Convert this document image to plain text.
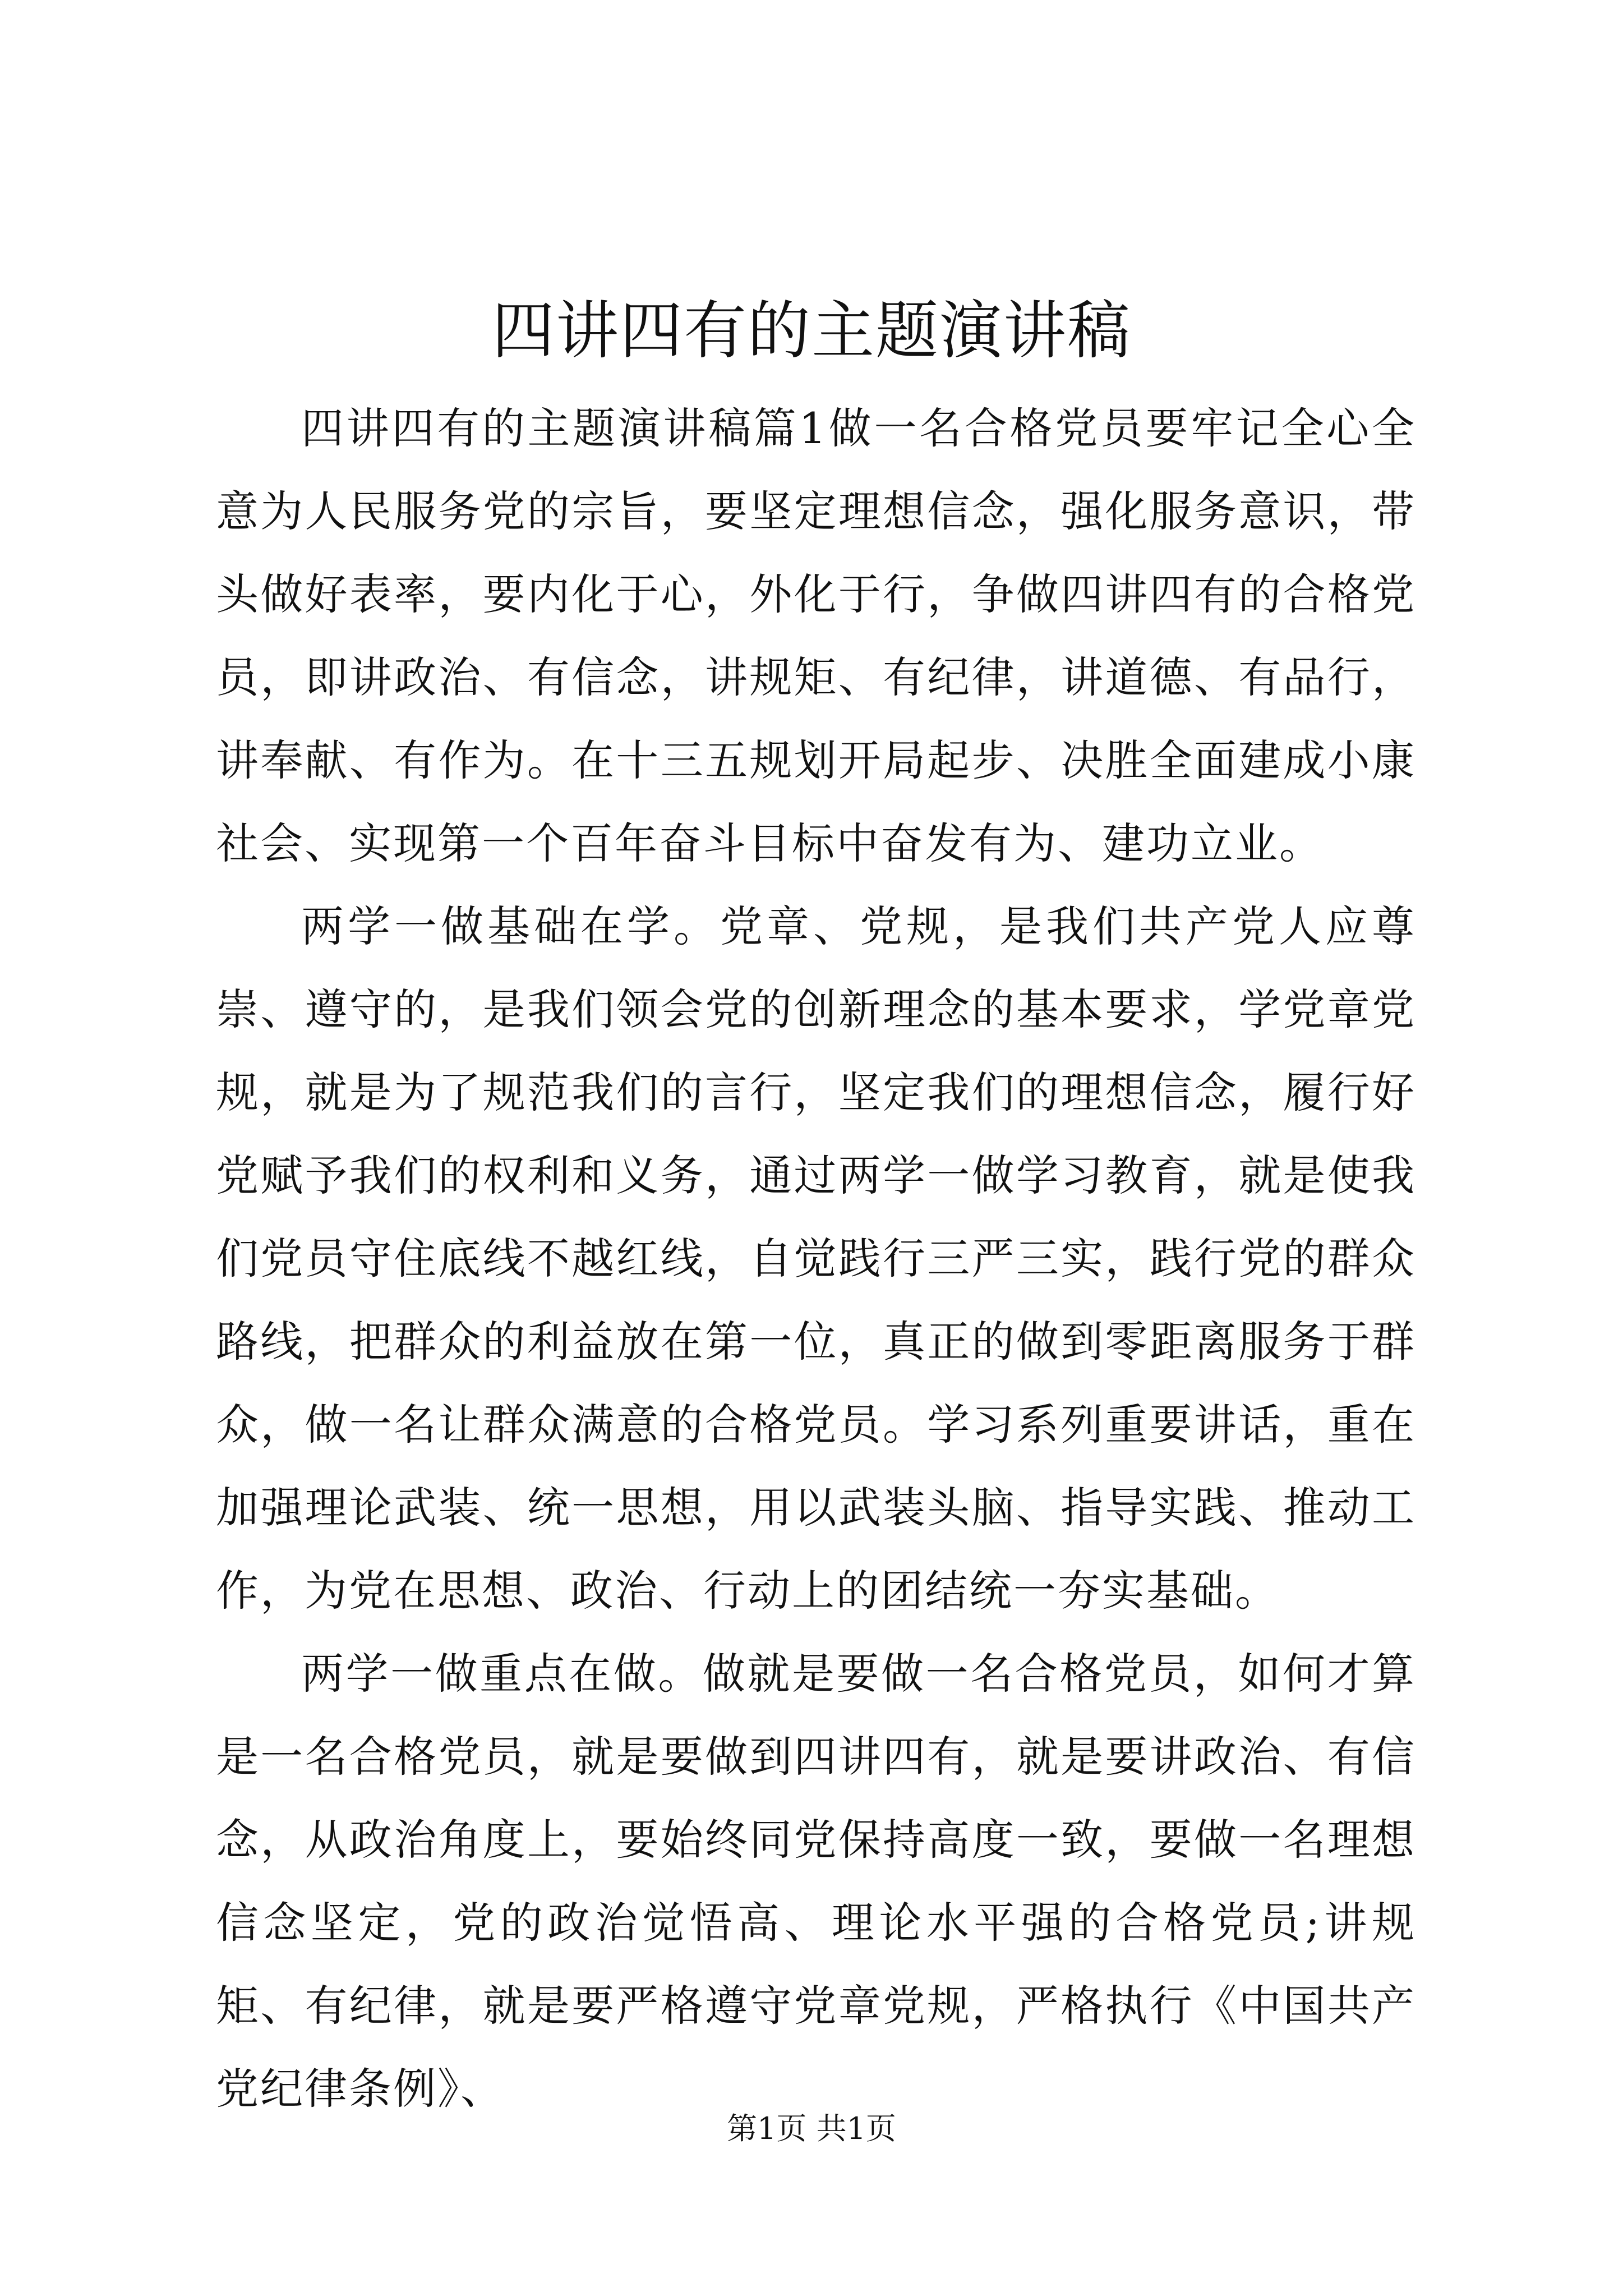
四讲四有的主题演讲稿

四讲四有的主题演讲稿篇1做一名合格党员要牢记全心全意为人民服务党的宗旨，要坚定理想信念，强化服务意识，带头做好表率，要内化于心，外化于行，争做四讲四有的合格党员，即讲政治、有信念，讲规矩、有纪律，讲道德、有品行，讲奉献、有作为。在十三五规划开局起步、决胜全面建成小康社会、实现第一个百年奋斗目标中奋发有为、建功立业。

两学一做基础在学。党章、党规，是我们共产党人应尊崇、遵守的，是我们领会党的创新理念的基本要求，学党章党规，就是为了规范我们的言行，坚定我们的理想信念，履行好党赋予我们的权利和义务，通过两学一做学习教育，就是使我们党员守住底线不越红线，自觉践行三严三实，践行党的群众路线，把群众的利益放在第一位，真正的做到零距离服务于群众，做一名让群众满意的合格党员。学习系列重要讲话，重在加强理论武装、统一思想，用以武装头脑、指导实践、推动工作，为党在思想、政治、行动上的团结统一夯实基础。

两学一做重点在做。做就是要做一名合格党员，如何才算是一名合格党员，就是要做到四讲四有，就是要讲政治、有信念，从政治角度上，要始终同党保持高度一致，要做一名理想信念坚定，党的政治觉悟高、理论水平强的合格党员;讲规矩、有纪律，就是要严格遵守党章党规，严格执行《中国共产党纪律条例》、

第1页 共1页
